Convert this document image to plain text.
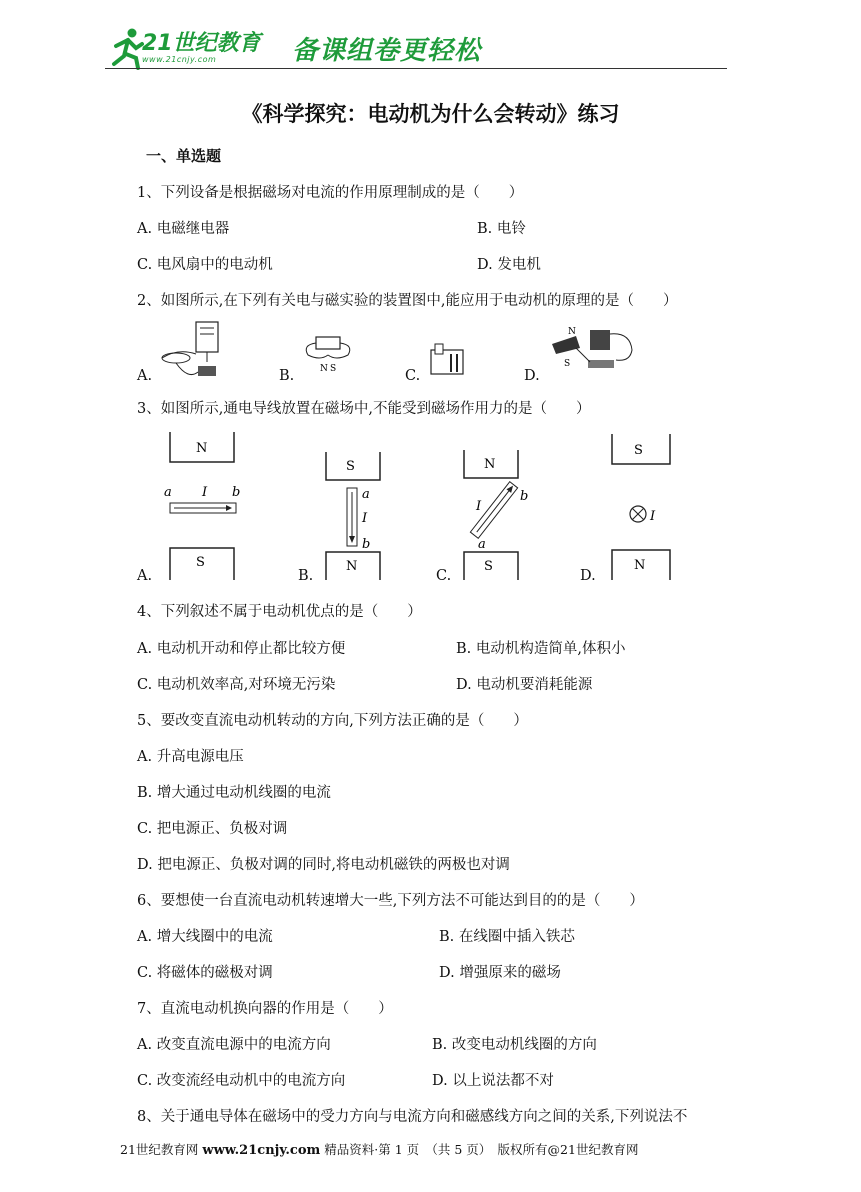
21世纪教育
www.21cnjy.com	备课组卷更轻松
《科学探究：电动机为什么会转动》练习
一、单选题
1、下列设备是根据磁场对电流的作用原理制成的是（　　）
A. 电磁继电器	B. 电铃
C. 电风扇中的电动机	D. 发电机
2、如图所示,在下列有关电与磁实验的装置图中,能应用于电动机的原理的是（　　）
A.	B.	C.	D.
N S
N
S
3、如图所示,通电导线放置在磁场中,不能受到磁场作用力的是（　　）
A.	B.	C.	D.
N
a I b
S
S
a
I
b
N
N
I
b
a
S
S
I
N
4、下列叙述不属于电动机优点的是（　　）
A. 电动机开动和停止都比较方便	B. 电动机构造简单,体积小
C. 电动机效率高,对环境无污染	D. 电动机要消耗能源
5、要改变直流电动机转动的方向,下列方法正确的是（　　）
A. 升高电源电压
B. 增大通过电动机线圈的电流
C. 把电源正、负极对调
D. 把电源正、负极对调的同时,将电动机磁铁的两极也对调
6、要想使一台直流电动机转速增大一些,下列方法不可能达到目的的是（　　）
A. 增大线圈中的电流	B. 在线圈中插入铁芯
C. 将磁体的磁极对调	D. 增强原来的磁场
7、直流电动机换向器的作用是（　　）
A. 改变直流电源中的电流方向	B. 改变电动机线圈的方向
C. 改变流经电动机中的电流方向	D. 以上说法都不对
8、关于通电导体在磁场中的受力方向与电流方向和磁感线方向之间的关系,下列说法不
21世纪教育网 www.21cnjy.com 精品资料·第 1 页　（共 5 页）　版权所有@21世纪教育网
